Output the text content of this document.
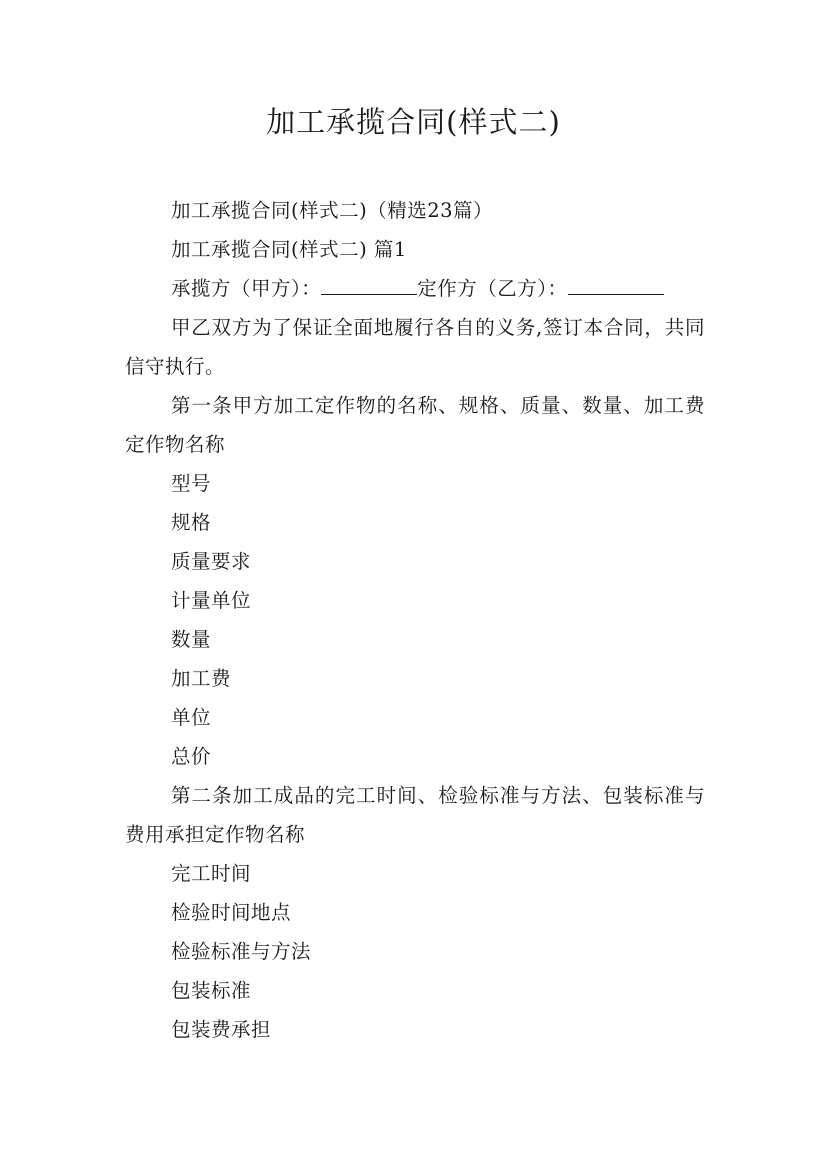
加工承揽合同(样式二)

加工承揽合同(样式二)（精选23篇）

加工承揽合同(样式二) 篇1

承揽方（甲方）：	定作方（乙方）：

甲乙双方为了保证全面地履行各自的义务,签订本合同，共同信守执行。

第一条甲方加工定作物的名称、规格、质量、数量、加工费定作物名称

型号

规格

质量要求

计量单位

数量

加工费

单位

总价

第二条加工成品的完工时间、检验标准与方法、包装标准与费用承担定作物名称

完工时间

检验时间地点

检验标准与方法

包装标准

包装费承担
